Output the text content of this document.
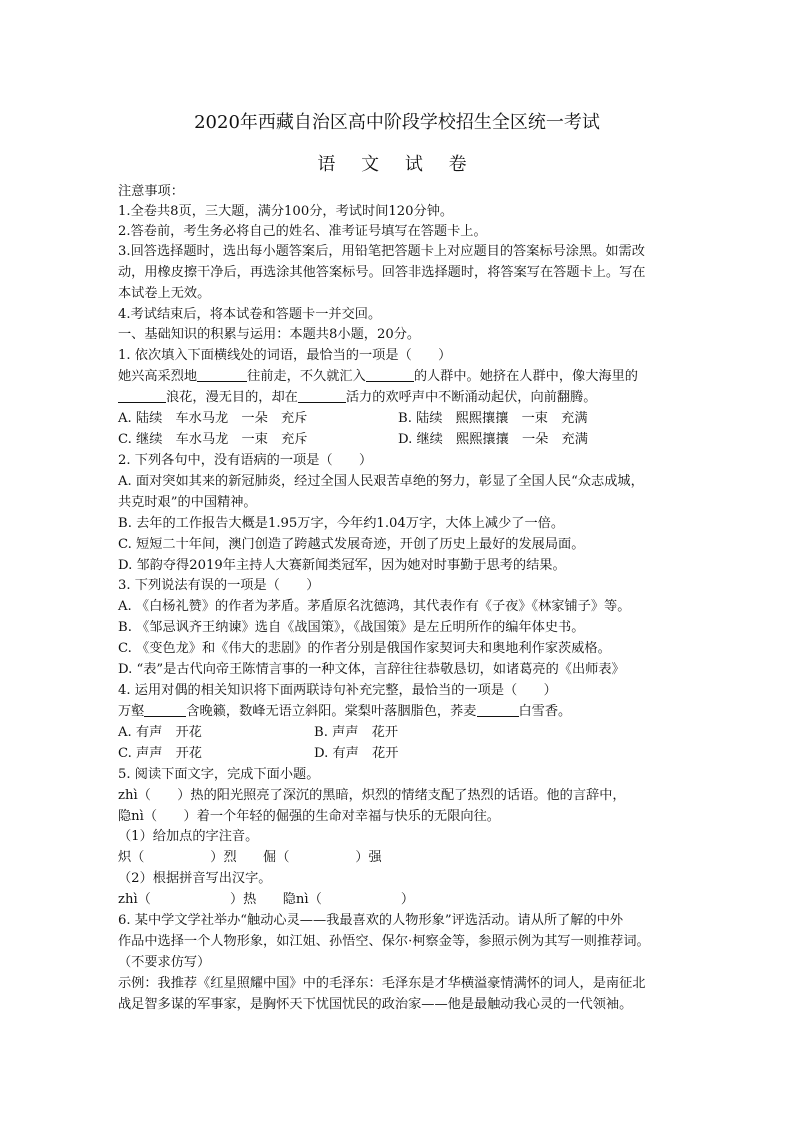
2020年西藏自治区高中阶段学校招生全区统一考试
语 文 试 卷
注意事项：
1.全卷共8页，三大题，满分100分，考试时间120分钟。
2.答卷前，考生务必将自己的姓名、准考证号填写在答题卡上。
3.回答选择题时，选出每小题答案后，用铅笔把答题卡上对应题目的答案标号涂黑。如需改
动，用橡皮擦干净后，再选涂其他答案标号。回答非选择题时，将答案写在答题卡上。写在
本试卷上无效。
4.考试结束后，将本试卷和答题卡一并交回。
一、基础知识的积累与运用：本题共8小题，20分。
1. 依次填入下面横线处的词语，最恰当的一项是（　　）
她兴高采烈地	往前走，不久就汇入	的人群中。她挤在人群中，像大海里的
浪花，漫无目的，却在	活力的欢呼声中不断涌动起伏，向前翻腾。
A. 陆续　车水马龙　一朵　充斥	B. 陆续　熙熙攘攘　一束　充满
C. 继续　车水马龙　一束　充斥	D. 继续　熙熙攘攘　一朵　充满
2. 下列各句中，没有语病的一项是（　　）
A. 面对突如其来的新冠肺炎，经过全国人民艰苦卓绝的努力，彰显了全国人民“众志成城，
共克时艰”的中国精神。
B. 去年的工作报告大概是1.95万字，今年约1.04万字，大体上减少了一倍。
C. 短短二十年间，澳门创造了跨越式发展奇迹，开创了历史上最好的发展局面。
D. 邹韵夺得2019年主持人大赛新闻类冠军，因为她对时事勤于思考的结果。
3. 下列说法有误的一项是（　　）
A. 《白杨礼赞》的作者为茅盾。茅盾原名沈德鸿，其代表作有《子夜》《林家铺子》等。
B. 《邹忌讽齐王纳谏》选自《战国策》，《战国策》是左丘明所作的编年体史书。
C. 《变色龙》和《伟大的悲剧》的作者分别是俄国作家契诃夫和奥地利作家茨威格。
D. “表”是古代向帝王陈情言事的一种文体，言辞往往恭敬恳切，如诸葛亮的《出师表》
4. 运用对偶的相关知识将下面两联诗句补充完整，最恰当的一项是（　　）
万壑	含晚籁，数峰无语立斜阳。棠梨叶落胭脂色，荞麦	白雪香。
A. 有声　开花	B. 声声　花开
C. 声声　开花	D. 有声　花开
5. 阅读下面文字，完成下面小题。
zhì（　　）热的阳光照亮了深沉的黑暗，炽烈的情绪支配了热烈的话语。他的言辞中，
隐nì（　　）着一个年轻的倔强的生命对幸福与快乐的无限向往。
（1）给加点的字注音。
炽（　　　　　）烈　　倔（　　　　　）强
（2）根据拼音写出汉字。
zhì（　　　　　　）热　　隐nì（　　　　　　）
6. 某中学文学社举办“触动心灵——我最喜欢的人物形象”评选活动。请从所了解的中外
作品中选择一个人物形象，如江姐、孙悟空、保尔·柯察金等，参照示例为其写一则推荐词。
（不要求仿写）
示例：我推荐《红星照耀中国》中的毛泽东：毛泽东是才华横溢豪情满怀的词人，是南征北
战足智多谋的军事家，是胸怀天下忧国忧民的政治家——他是最触动我心灵的一代领袖。
